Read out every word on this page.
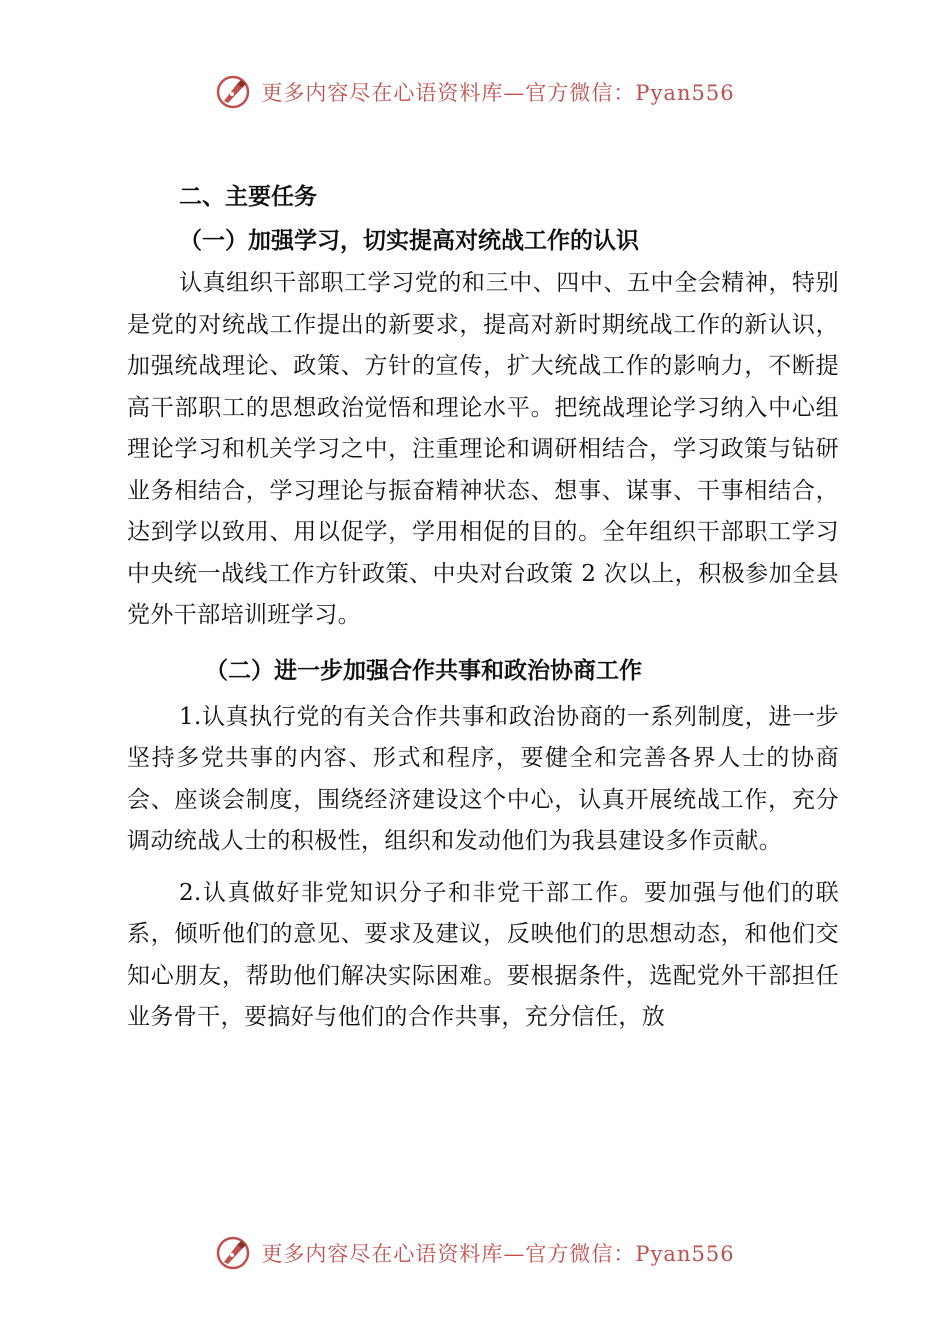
更多内容尽在心语资料库—官方微信：Pyan556
二、主要任务
（一）加强学习，切实提高对统战工作的认识

认真组织干部职工学习党的和三中、四中、五中全会精神，特别是党的对统战工作提出的新要求，提高对新时期统战工作的新认识，加强统战理论、政策、方针的宣传，扩大统战工作的影响力，不断提高干部职工的思想政治觉悟和理论水平。把统战理论学习纳入中心组理论学习和机关学习之中，注重理论和调研相结合，学习政策与钻研业务相结合，学习理论与振奋精神状态、想事、谋事、干事相结合，达到学以致用、用以促学，学用相促的目的。全年组织干部职工学习中央统一战线工作方针政策、中央对台政策 2 次以上，积极参加全县党外干部培训班学习。

（二）进一步加强合作共事和政治协商工作

1.认真执行党的有关合作共事和政治协商的一系列制度，进一步坚持多党共事的内容、形式和程序，要健全和完善各界人士的协商会、座谈会制度，围绕经济建设这个中心，认真开展统战工作，充分调动统战人士的积极性，组织和发动他们为我县建设多作贡献。

2.认真做好非党知识分子和非党干部工作。要加强与他们的联系，倾听他们的意见、要求及建议，反映他们的思想动态，和他们交知心朋友，帮助他们解决实际困难。要根据条件，选配党外干部担任业务骨干，要搞好与他们的合作共事，充分信任，放

更多内容尽在心语资料库—官方微信：Pyan556
